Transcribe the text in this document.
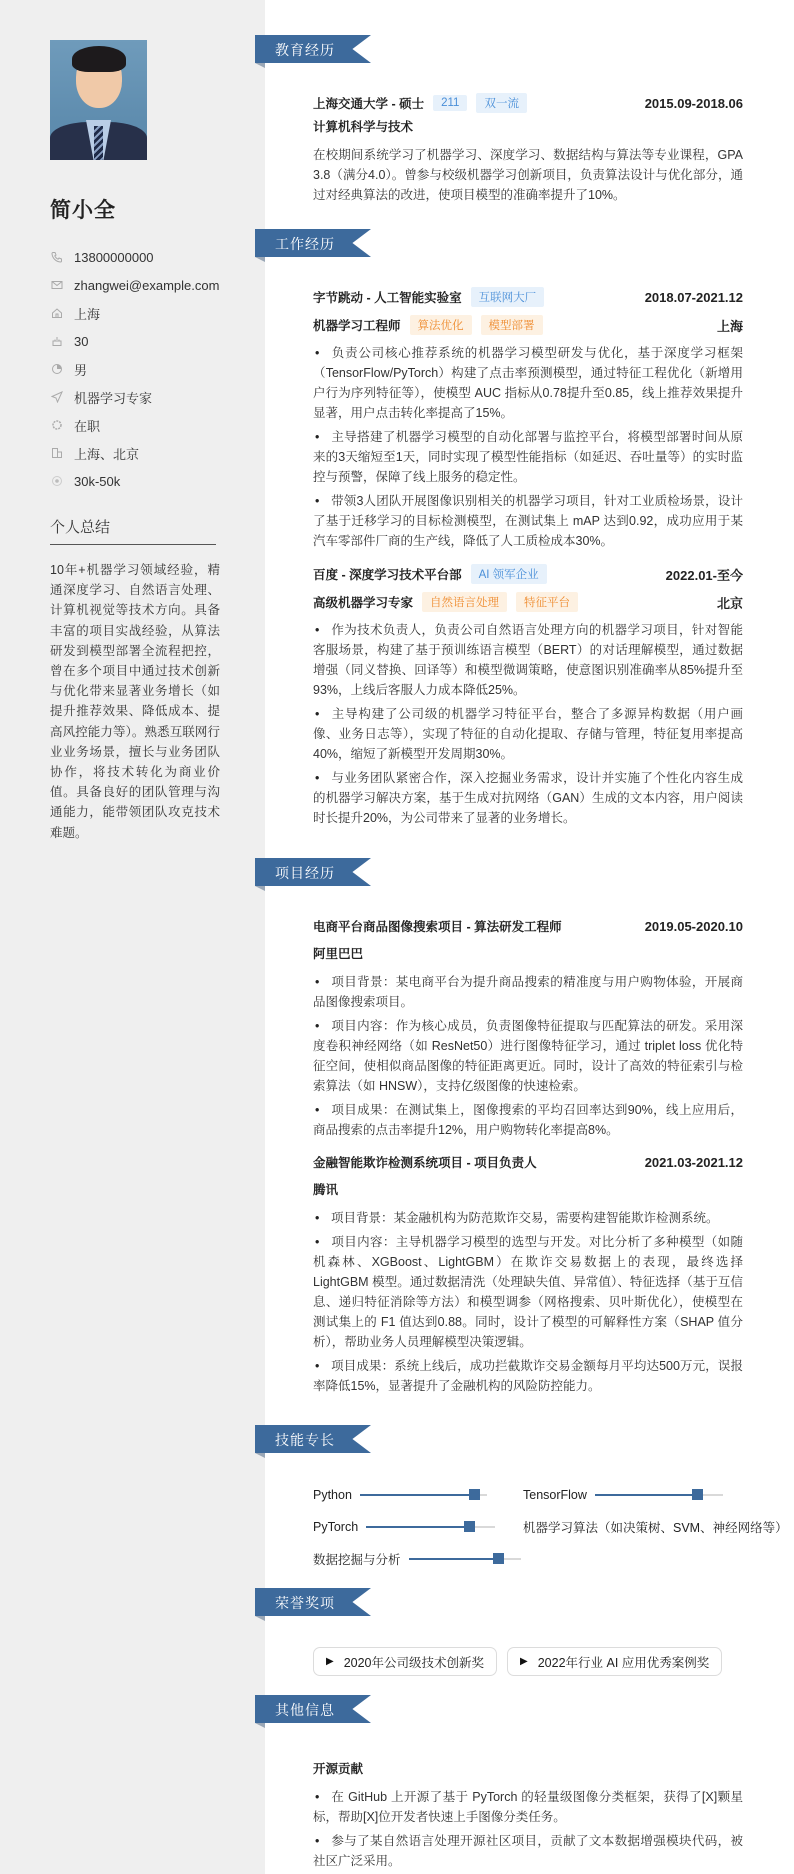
简小全
13800000000
zhangwei@example.com
上海
30
男
机器学习专家
在职
上海、北京
30k-50k
个人总结
10年+机器学习领域经验，精通深度学习、自然语言处理、计算机视觉等技术方向。具备丰富的项目实战经验，从算法研发到模型部署全流程把控，曾在多个项目中通过技术创新与优化带来显著业务增长（如提升推荐效果、降低成本、提高风控能力等）。熟悉互联网行业业务场景，擅长与业务团队协作，将技术转化为商业价值。具备良好的团队管理与沟通能力，能带领团队攻克技术难题。
教育经历
上海交通大学 - 硕士	211	双一流	2015.09-2018.06
计算机科学与技术
在校期间系统学习了机器学习、深度学习、数据结构与算法等专业课程，GPA 3.8（满分4.0）。曾参与校级机器学习创新项目，负责算法设计与优化部分，通过对经典算法的改进，使项目模型的准确率提升了10%。
工作经历
字节跳动 - 人工智能实验室	互联网大厂	2018.07-2021.12
机器学习工程师	算法优化	模型部署	上海
• 负责公司核心推荐系统的机器学习模型研发与优化，基于深度学习框架（TensorFlow/PyTorch）构建了点击率预测模型，通过特征工程优化（新增用户行为序列特征等），使模型 AUC 指标从0.78提升至0.85，线上推荐效果提升显著，用户点击转化率提高了15%。
• 主导搭建了机器学习模型的自动化部署与监控平台，将模型部署时间从原来的3天缩短至1天，同时实现了模型性能指标（如延迟、吞吐量等）的实时监控与预警，保障了线上服务的稳定性。
• 带领3人团队开展图像识别相关的机器学习项目，针对工业质检场景，设计了基于迁移学习的目标检测模型，在测试集上 mAP 达到0.92，成功应用于某汽车零部件厂商的生产线，降低了人工质检成本30%。
百度 - 深度学习技术平台部	AI 领军企业	2022.01-至今
高级机器学习专家	自然语言处理	特征平台	北京
• 作为技术负责人，负责公司自然语言处理方向的机器学习项目，针对智能客服场景，构建了基于预训练语言模型（BERT）的对话理解模型，通过数据增强（同义替换、回译等）和模型微调策略，使意图识别准确率从85%提升至93%，上线后客服人力成本降低25%。
• 主导构建了公司级的机器学习特征平台，整合了多源异构数据（用户画像、业务日志等），实现了特征的自动化提取、存储与管理，特征复用率提高40%，缩短了新模型开发周期30%。
• 与业务团队紧密合作，深入挖掘业务需求，设计并实施了个性化内容生成的机器学习解决方案，基于生成对抗网络（GAN）生成的文本内容，用户阅读时长提升20%，为公司带来了显著的业务增长。
项目经历
电商平台商品图像搜索项目 - 算法研发工程师	2019.05-2020.10
阿里巴巴
• 项目背景：某电商平台为提升商品搜索的精准度与用户购物体验，开展商品图像搜索项目。
• 项目内容：作为核心成员，负责图像特征提取与匹配算法的研发。采用深度卷积神经网络（如 ResNet50）进行图像特征学习，通过 triplet loss 优化特征空间，使相似商品图像的特征距离更近。同时，设计了高效的特征索引与检索算法（如 HNSW），支持亿级图像的快速检索。
• 项目成果：在测试集上，图像搜索的平均召回率达到90%，线上应用后，商品搜索的点击率提升12%，用户购物转化率提高8%。
金融智能欺诈检测系统项目 - 项目负责人	2021.03-2021.12
腾讯
• 项目背景：某金融机构为防范欺诈交易，需要构建智能欺诈检测系统。
• 项目内容：主导机器学习模型的选型与开发。对比分析了多种模型（如随机森林、XGBoost、LightGBM）在欺诈交易数据上的表现，最终选择 LightGBM 模型。通过数据清洗（处理缺失值、异常值）、特征选择（基于互信息、递归特征消除等方法）和模型调参（网格搜索、贝叶斯优化），使模型在测试集上的 F1 值达到0.88。同时，设计了模型的可解释性方案（SHAP 值分析），帮助业务人员理解模型决策逻辑。
• 项目成果：系统上线后，成功拦截欺诈交易金额每月平均达500万元，误报率降低15%，显著提升了金融机构的风险防控能力。
技能专长
Python	TensorFlow
PyTorch	机器学习算法（如决策树、SVM、神经网络等）
数据挖掘与分析
荣誉奖项
▶ 2020年公司级技术创新奖	▶ 2022年行业 AI 应用优秀案例奖
其他信息
开源贡献
• 在 GitHub 上开源了基于 PyTorch 的轻量级图像分类框架，获得了[X]颗星标，帮助[X]位开发者快速上手图像分类任务。
• 参与了某自然语言处理开源社区项目，贡献了文本数据增强模块代码，被社区广泛采用。
